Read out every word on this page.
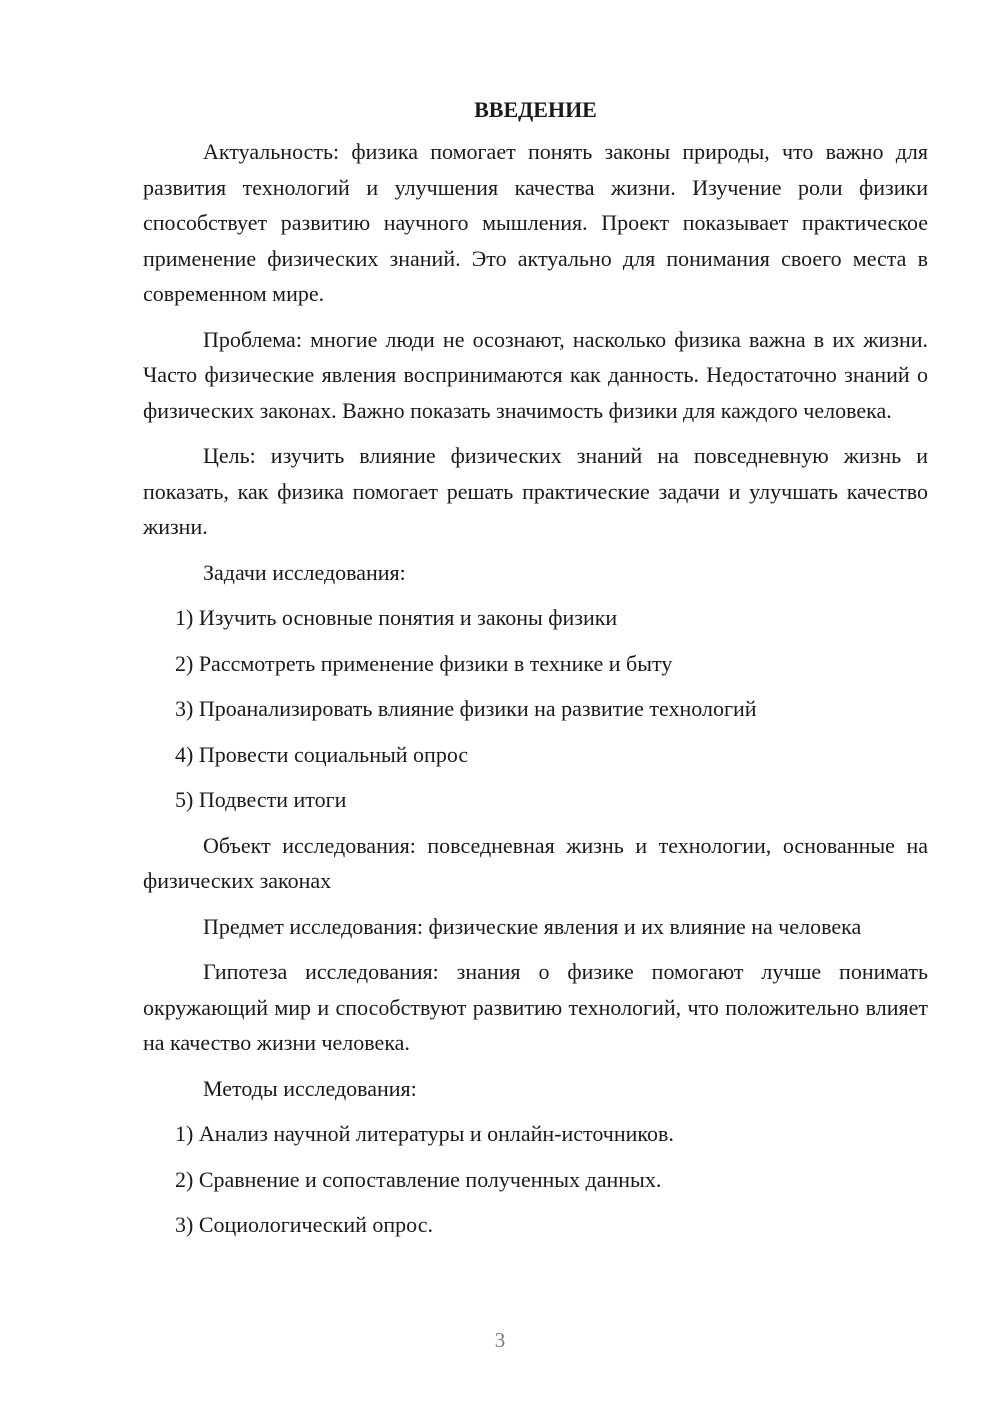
ВВЕДЕНИЕ

Актуальность: физика помогает понять законы природы, что важно для развития технологий и улучшения качества жизни. Изучение роли физики способствует развитию научного мышления. Проект показывает практическое применение физических знаний. Это актуально для понимания своего места в современном мире.

Проблема: многие люди не осознают, насколько физика важна в их жизни. Часто физические явления воспринимаются как данность. Недостаточно знаний о физических законах. Важно показать значимость физики для каждого человека.

Цель: изучить влияние физических знаний на повседневную жизнь и показать, как физика помогает решать практические задачи и улучшать качество жизни.

Задачи исследования:
1) Изучить основные понятия и законы физики
2) Рассмотреть применение физики в технике и быту
3) Проанализировать влияние физики на развитие технологий
4) Провести социальный опрос
5) Подвести итоги

Объект исследования: повседневная жизнь и технологии, основанные на физических законах

Предмет исследования: физические явления и их влияние на человека

Гипотеза исследования: знания о физике помогают лучше понимать окружающий мир и способствуют развитию технологий, что положительно влияет на качество жизни человека.

Методы исследования:
1) Анализ научной литературы и онлайн-источников.
2) Сравнение и сопоставление полученных данных.
3) Социологический опрос.
3
